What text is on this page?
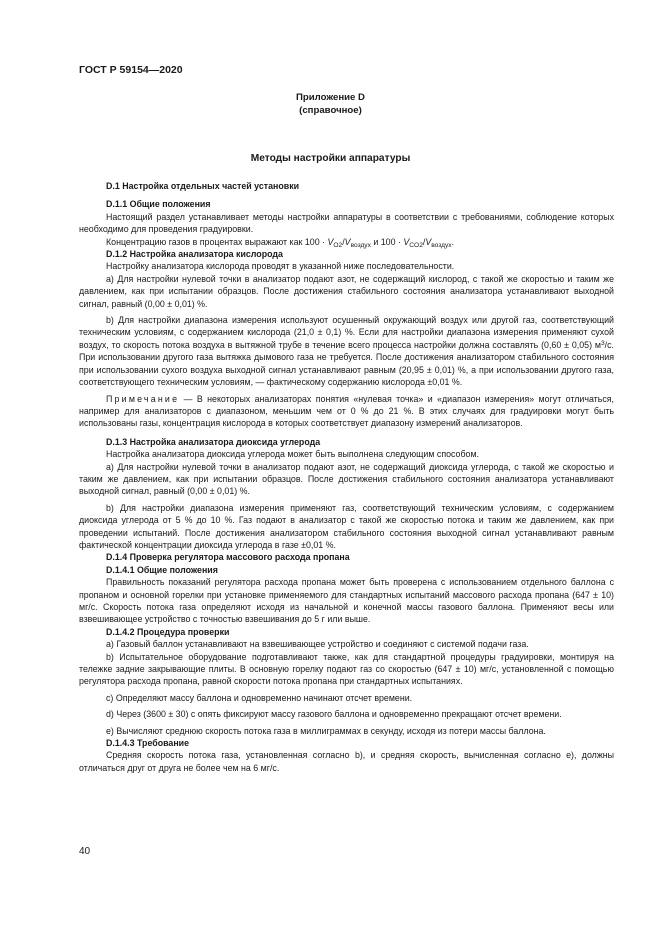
ГОСТ Р 59154—2020
Приложение D
(справочное)
Методы настройки аппаратуры

D.1 Настройка отдельных частей установки

D.1.1 Общие положения

Настоящий раздел устанавливает методы настройки аппаратуры в соответствии с требованиями, соблюдение которых необходимо для проведения градуировки.

Концентрацию газов в процентах выражают как $100 \cdot V_{O2}/V_{воздух}$ и $100 \cdot V_{CO2}/V_{воздух}$.

D.1.2 Настройка анализатора кислорода

Настройку анализатора кислорода проводят в указанной ниже последовательности.

а) Для настройки нулевой точки в анализатор подают азот, не содержащий кислород, с такой же скоростью и таким же давлением, как при испытании образцов. После достижения стабильного состояния анализатора устанавливают выходной сигнал, равный (0,00 ± 0,01) %.

b) Для настройки диапазона измерения используют осушенный окружающий воздух или другой газ, соответствующий техническим условиям, с содержанием кислорода (21,0 ± 0,1) %. Если для настройки диапазона измерения применяют сухой воздух, то скорость потока воздуха в вытяжной трубе в течение всего процесса настройки должна составлять (0,60 ± 0,05) $м^3/с$. При использовании другого газа вытяжка дымового газа не требуется. После достижения анализатором стабильного состояния при использовании сухого воздуха выходной сигнал устанавливают равным (20,95 ± 0,01) %, а при использовании другого газа, соответствующего техническим условиям, — фактическому содержанию кислорода ±0,01 %.

Примечание — В некоторых анализаторах понятия «нулевая точка» и «диапазон измерения» могут отличаться, например для анализаторов с диапазоном, меньшим чем от 0 % до 21 %. В этих случаях для градуировки могут быть использованы газы, концентрация кислорода в которых соответствует диапазону измерений анализаторов.

D.1.3 Настройка анализатора диоксида углерода

Настройка анализатора диоксида углерода может быть выполнена следующим способом.

а) Для настройки нулевой точки в анализатор подают азот, не содержащий диоксида углерода, с такой же скоростью и таким же давлением, как при испытании образцов. После достижения стабильного состояния анализатора устанавливают выходной сигнал, равный (0,00 ± 0,01) %.

b) Для настройки диапазона измерения применяют газ, соответствующий техническим условиям, с содержанием диоксида углерода от 5 % до 10 %. Газ подают в анализатор с такой же скоростью потока и таким же давлением, как при проведении испытаний. После достижения анализатором стабильного состояния выходной сигнал устанавливают равным фактической концентрации диоксида углерода в газе ±0,01 %.

D.1.4 Проверка регулятора массового расхода пропана

D.1.4.1 Общие положения

Правильность показаний регулятора расхода пропана может быть проверена с использованием отдельного баллона с пропаном и основной горелки при установке применяемого для стандартных испытаний массового расхода пропана (647 ± 10) мг/с. Скорость потока газа определяют исходя из начальной и конечной массы газового баллона. Применяют весы или взвешивающее устройство с точностью взвешивания до 5 г или выше.

D.1.4.2 Процедура проверки

а) Газовый баллон устанавливают на взвешивающее устройство и соединяют с системой подачи газа.

b) Испытательное оборудование подготавливают также, как для стандартной процедуры градуировки, монтируя на тележке задние закрывающие плиты. В основную горелку подают газ со скоростью (647 ± 10) мг/с, установленной с помощью регулятора расхода пропана, равной скорости потока пропана при стандартных испытаниях.

с) Определяют массу баллона и одновременно начинают отсчет времени.

d) Через (3600 ± 30) с опять фиксируют массу газового баллона и одновременно прекращают отсчет времени.

е) Вычисляют среднюю скорость потока газа в миллиграммах в секунду, исходя из потери массы баллона.

D.1.4.3 Требование

Средняя скорость потока газа, установленная согласно b), и средняя скорость, вычисленная согласно е), должны отличаться друг от друга не более чем на 6 мг/с.

40
